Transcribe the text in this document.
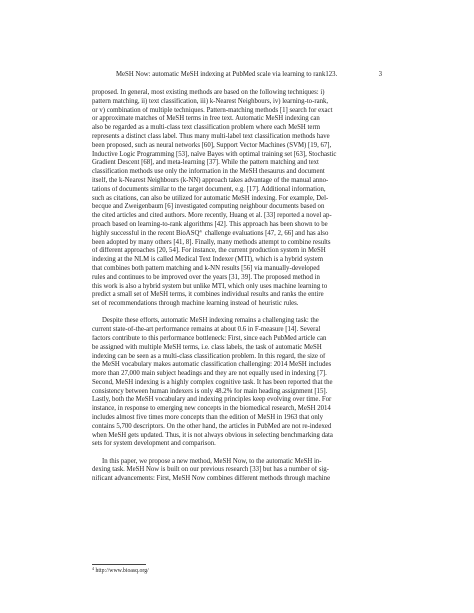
MeSH Now: automatic MeSH indexing at PubMed scale via learning to rank123.	3
proposed. In general, most existing methods are based on the following techniques: i)
pattern matching, ii) text classification, iii) k-Nearest Neighbours, iv) learning-to-rank,
or v) combination of multiple techniques. Pattern-matching methods [1] search for exact
or approximate matches of MeSH terms in free text. Automatic MeSH indexing can
also be regarded as a multi-class text classification problem where each MeSH term
represents a distinct class label. Thus many multi-label text classification methods have
been proposed, such as neural networks [60], Support Vector Machines (SVM) [19, 67],
Inductive Logic Programming [53], naïve Bayes with optimal training set [63], Stochastic
Gradient Descent [68], and meta-learning [37]. While the pattern matching and text
classification methods use only the information in the MeSH thesaurus and document
itself, the k-Nearest Neighbours (k-NN) approach takes advantage of the manual anno-
tations of documents similar to the target document, e.g. [17]. Additional information,
such as citations, can also be utilized for automatic MeSH indexing. For example, Del-
becque and Zweigenbaum [6] investigated computing neighbour documents based on
the cited articles and cited authors. More recently, Huang et al. [33] reported a novel ap-
proach based on learning-to-rank algorithms [42]. This approach has been shown to be
highly successful in the recent BioASQ$^4$ challenge evaluations [47, 2, 66] and has also
been adopted by many others [41, 8]. Finally, many methods attempt to combine results
of different approaches [20, 54]. For instance, the current production system in MeSH
indexing at the NLM is called Medical Text Indexer (MTI), which is a hybrid system
that combines both pattern matching and k-NN results [56] via manually-developed
rules and continues to be improved over the years [31, 39]. The proposed method in
this work is also a hybrid system but unlike MTI, which only uses machine learning to
predict a small set of MeSH terms, it combines individual results and ranks the entire
set of recommendations through machine learning instead of heuristic rules.
Despite these efforts, automatic MeSH indexing remains a challenging task: the
current state-of-the-art performance remains at about 0.6 in F-measure [14]. Several
factors contribute to this performance bottleneck: First, since each PubMed article can
be assigned with multiple MeSH terms, i.e. class labels, the task of automatic MeSH
indexing can be seen as a multi-class classification problem. In this regard, the size of
the MeSH vocabulary makes automatic classification challenging: 2014 MeSH includes
more than 27,000 main subject headings and they are not equally used in indexing [7].
Second, MeSH indexing is a highly complex cognitive task. It has been reported that the
consistency between human indexers is only 48.2% for main heading assignment [15].
Lastly, both the MeSH vocabulary and indexing principles keep evolving over time. For
instance, in response to emerging new concepts in the biomedical research, MeSH 2014
includes almost five times more concepts than the edition of MeSH in 1963 that only
contains 5,700 descriptors. On the other hand, the articles in PubMed are not re-indexed
when MeSH gets updated. Thus, it is not always obvious in selecting benchmarking data
sets for system development and comparison.
In this paper, we propose a new method, MeSH Now, to the automatic MeSH in-
dexing task. MeSH Now is built on our previous research [33] but has a number of sig-
nificant advancements: First, MeSH Now combines different methods through machine
$^4$ http://www.bioasq.org/
